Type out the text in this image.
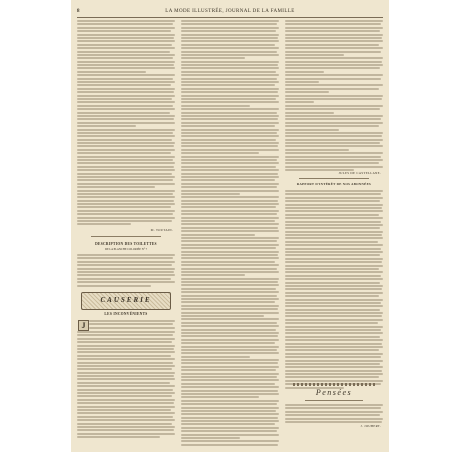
8	LA MODE ILLUSTRÉE, JOURNAL DE LA FAMILLE
M. TOUTAIN.
DESCRIPTION DES TOILETTES
DE LA PLANCHE COLORIÉE N° 7
CAUSERIE
LES INCONVÉNIENTS
J
JULES DE CASTELLANE.
RAPPORT D'INTÉRÊT DE NOS ABONNÉES
Pensées
J. JOUBERT.
